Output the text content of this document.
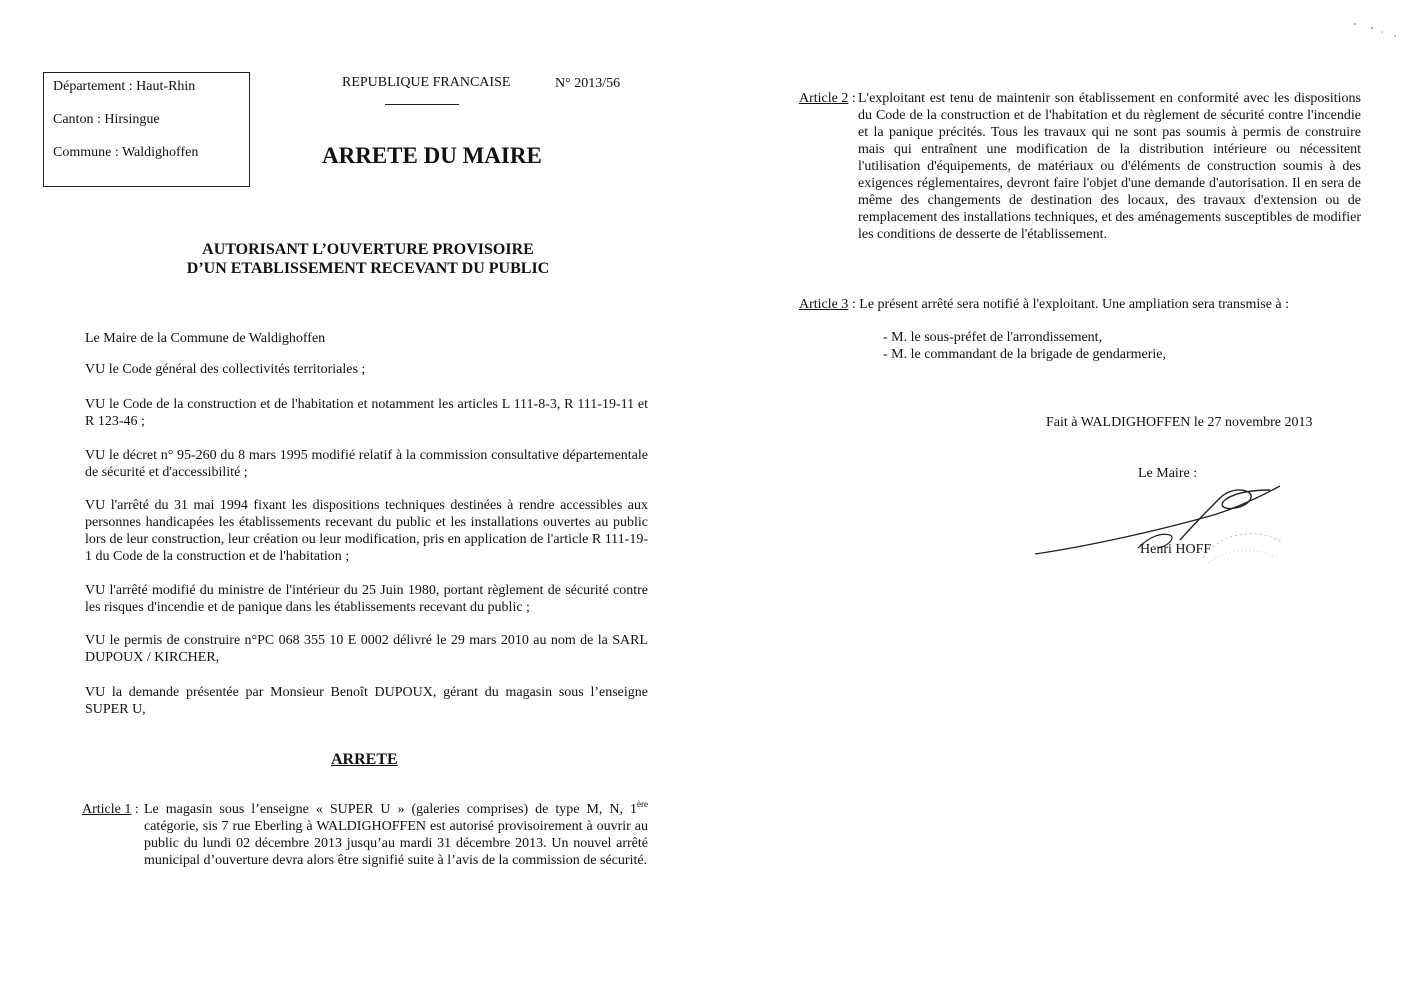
Département : Haut-Rhin
Canton : Hirsingue
Commune : Waldighoffen
REPUBLIQUE FRANCAISE	N° 2013/56
ARRETE DU MAIRE
AUTORISANT L’OUVERTURE PROVISOIRE
D’UN ETABLISSEMENT RECEVANT DU PUBLIC
Le Maire de la Commune de Waldighoffen
VU le Code général des collectivités territoriales ;
VU le Code de la construction et de l'habitation et notamment les articles L 111-8-3, R 111-19-11 et R 123-46 ;
VU le décret n° 95-260 du 8 mars 1995 modifié relatif à la commission consultative départementale de sécurité et d'accessibilité ;
VU l'arrêté du 31 mai 1994 fixant les dispositions techniques destinées à rendre accessibles aux personnes handicapées les établissements recevant du public et les installations ouvertes au public lors de leur construction, leur création ou leur modification, pris en application de l'article R 111-19-1 du Code de la construction et de l'habitation ;
VU l'arrêté modifié du ministre de l'intérieur du 25 Juin 1980, portant règlement de sécurité contre les risques d'incendie et de panique dans les établissements recevant du public ;
VU le permis de construire n°PC 068 355 10 E 0002 délivré le 29 mars 2010 au nom de la SARL DUPOUX / KIRCHER,
VU la demande présentée par Monsieur Benoît DUPOUX, gérant du magasin sous l’enseigne SUPER U,
ARRETE
Article 1 : Le magasin sous l’enseigne « SUPER U » (galeries comprises) de type M, N, 1ère catégorie, sis 7 rue Eberling à WALDIGHOFFEN est autorisé provisoirement à ouvrir au public du lundi 02 décembre 2013 jusqu’au mardi 31 décembre 2013. Un nouvel arrêté municipal d’ouverture devra alors être signifié suite à l’avis de la commission de sécurité.
Article 2 : L'exploitant est tenu de maintenir son établissement en conformité avec les dispositions du Code de la construction et de l'habitation et du règlement de sécurité contre l'incendie et la panique précités. Tous les travaux qui ne sont pas soumis à permis de construire mais qui entraînent une modification de la distribution intérieure ou nécessitent l'utilisation d'équipements, de matériaux ou d'éléments de construction soumis à des exigences réglementaires, devront faire l'objet d'une demande d'autorisation. Il en sera de même des changements de destination des locaux, des travaux d'extension ou de remplacement des installations techniques, et des aménagements susceptibles de modifier les conditions de desserte de l'établissement.
Article 3 : Le présent arrêté sera notifié à l'exploitant. Une ampliation sera transmise à :
- M. le sous-préfet de l'arrondissement,
- M. le commandant de la brigade de gendarmerie,
Fait à WALDIGHOFFEN le 27 novembre 2013
Le Maire :
Henri HOFF
